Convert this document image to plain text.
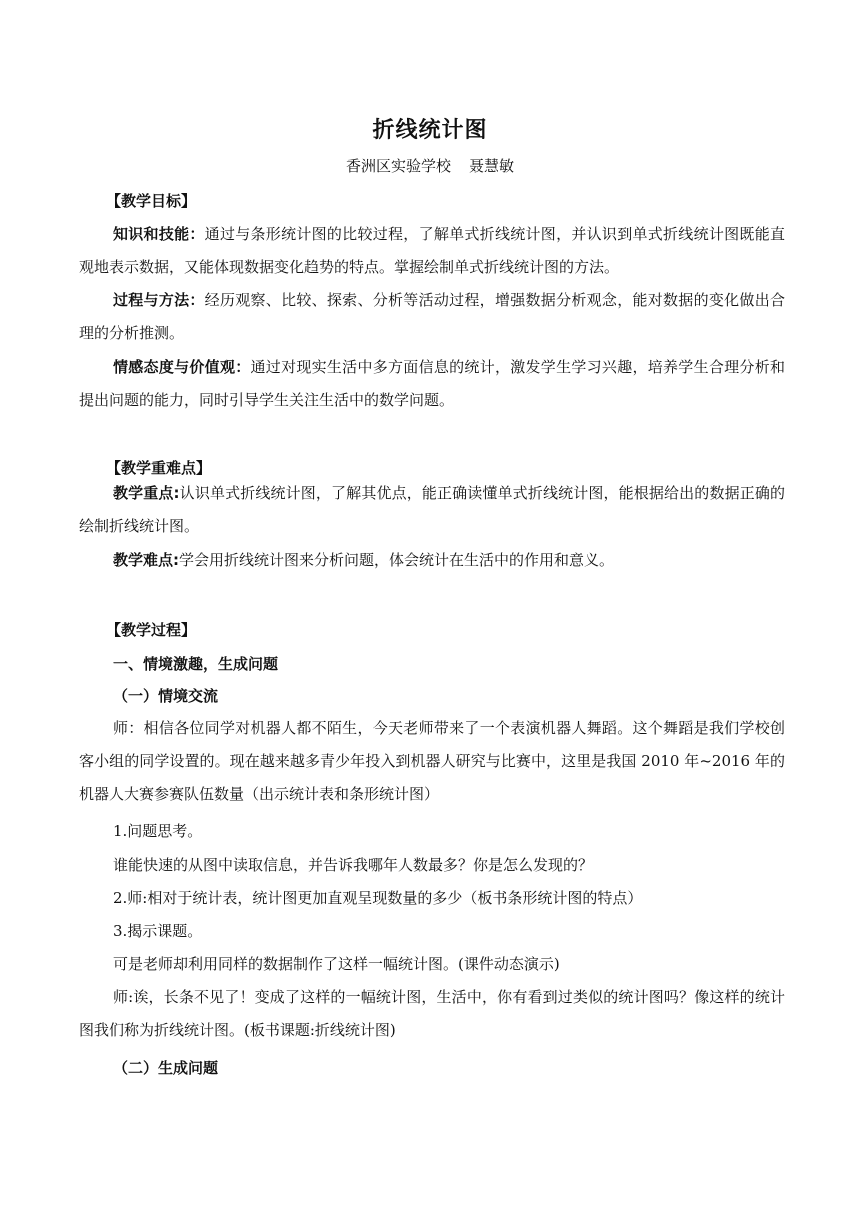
折线统计图
香洲区实验学校 聂慧敏
【教学目标】
知识和技能：通过与条形统计图的比较过程，了解单式折线统计图，并认识到单式折线统计图既能直观地表示数据，又能体现数据变化趋势的特点。掌握绘制单式折线统计图的方法。
过程与方法：经历观察、比较、探索、分析等活动过程，增强数据分析观念，能对数据的变化做出合理的分析推测。
情感态度与价值观：通过对现实生活中多方面信息的统计，激发学生学习兴趣，培养学生合理分析和提出问题的能力，同时引导学生关注生活中的数学问题。
【教学重难点】
教学重点:认识单式折线统计图，了解其优点，能正确读懂单式折线统计图，能根据给出的数据正确的绘制折线统计图。
教学难点:学会用折线统计图来分析问题，体会统计在生活中的作用和意义。
【教学过程】
一、情境激趣，生成问题
（一）情境交流
师：相信各位同学对机器人都不陌生，今天老师带来了一个表演机器人舞蹈。这个舞蹈是我们学校创客小组的同学设置的。现在越来越多青少年投入到机器人研究与比赛中，这里是我国 2010 年~2016 年的机器人大赛参赛队伍数量（出示统计表和条形统计图）
1.问题思考。
谁能快速的从图中读取信息，并告诉我哪年人数最多？你是怎么发现的？
2.师:相对于统计表，统计图更加直观呈现数量的多少（板书条形统计图的特点）
3.揭示课题。
可是老师却利用同样的数据制作了这样一幅统计图。(课件动态演示)
师:诶，长条不见了！变成了这样的一幅统计图，生活中，你有看到过类似的统计图吗？像这样的统计图我们称为折线统计图。(板书课题:折线统计图)
（二）生成问题
